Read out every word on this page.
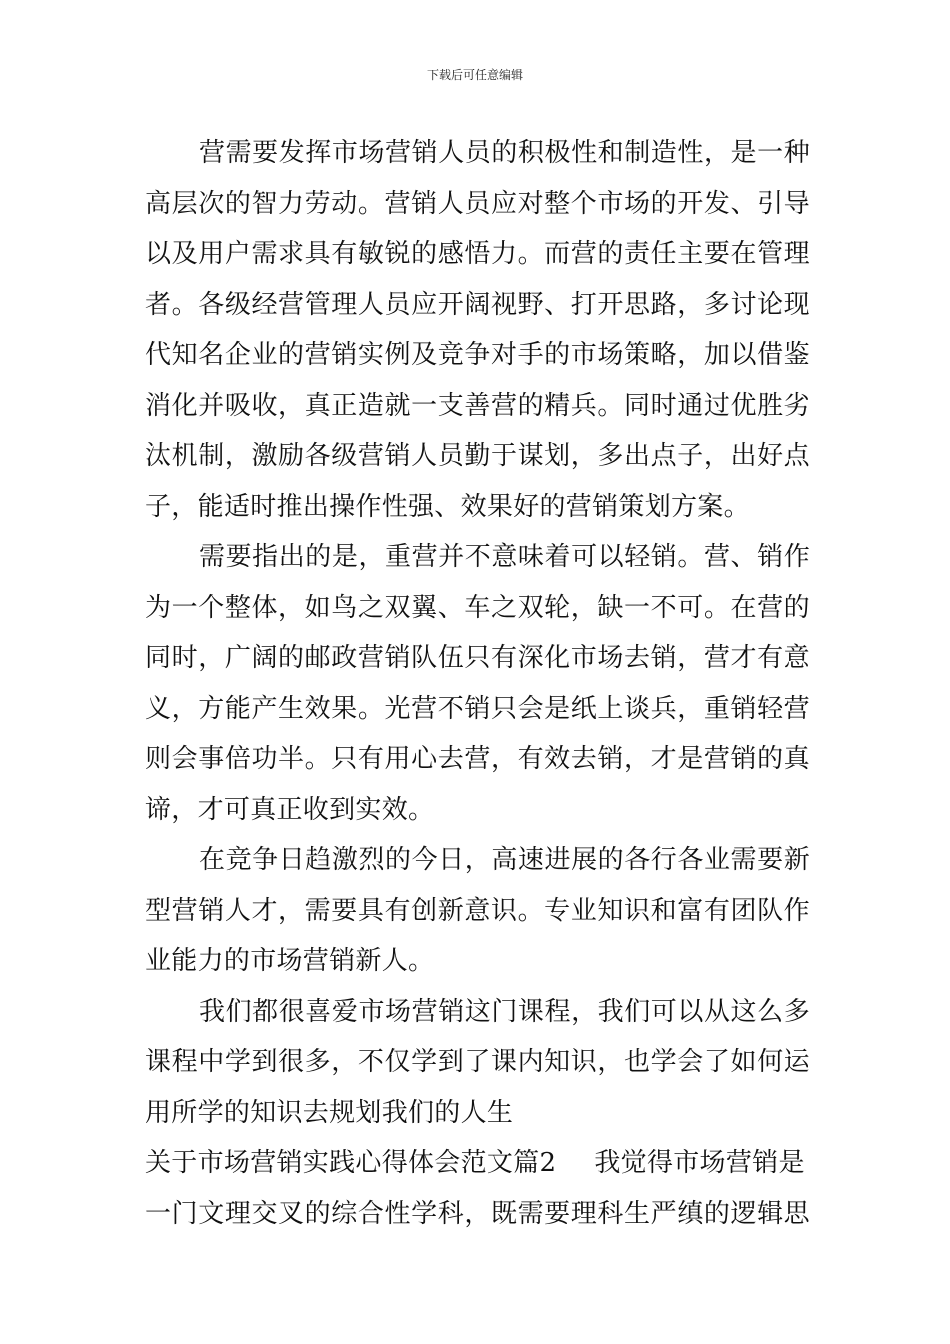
下载后可任意编辑
营需要发挥市场营销人员的积极性和制造性，是一种
高层次的智力劳动。营销人员应对整个市场的开发、引导
以及用户需求具有敏锐的感悟力。而营的责任主要在管理
者。各级经营管理人员应开阔视野、打开思路，多讨论现
代知名企业的营销实例及竞争对手的市场策略，加以借鉴
消化并吸收，真正造就一支善营的精兵。同时通过优胜劣
汰机制，激励各级营销人员勤于谋划，多出点子，出好点
子，能适时推出操作性强、效果好的营销策划方案。
需要指出的是，重营并不意味着可以轻销。营、销作
为一个整体，如鸟之双翼、车之双轮，缺一不可。在营的
同时，广阔的邮政营销队伍只有深化市场去销，营才有意
义，方能产生效果。光营不销只会是纸上谈兵，重销轻营
则会事倍功半。只有用心去营，有效去销，才是营销的真
谛，才可真正收到实效。
在竞争日趋激烈的今日，高速进展的各行各业需要新
型营销人才，需要具有创新意识。专业知识和富有团队作
业能力的市场营销新人。
我们都很喜爱市场营销这门课程，我们可以从这么多
课程中学到很多，不仅学到了课内知识，也学会了如何运
用所学的知识去规划我们的人生
关于市场营销实践心得体会范文篇2 我觉得市场营销是
一门文理交叉的综合性学科，既需要理科生严缜的逻辑思
